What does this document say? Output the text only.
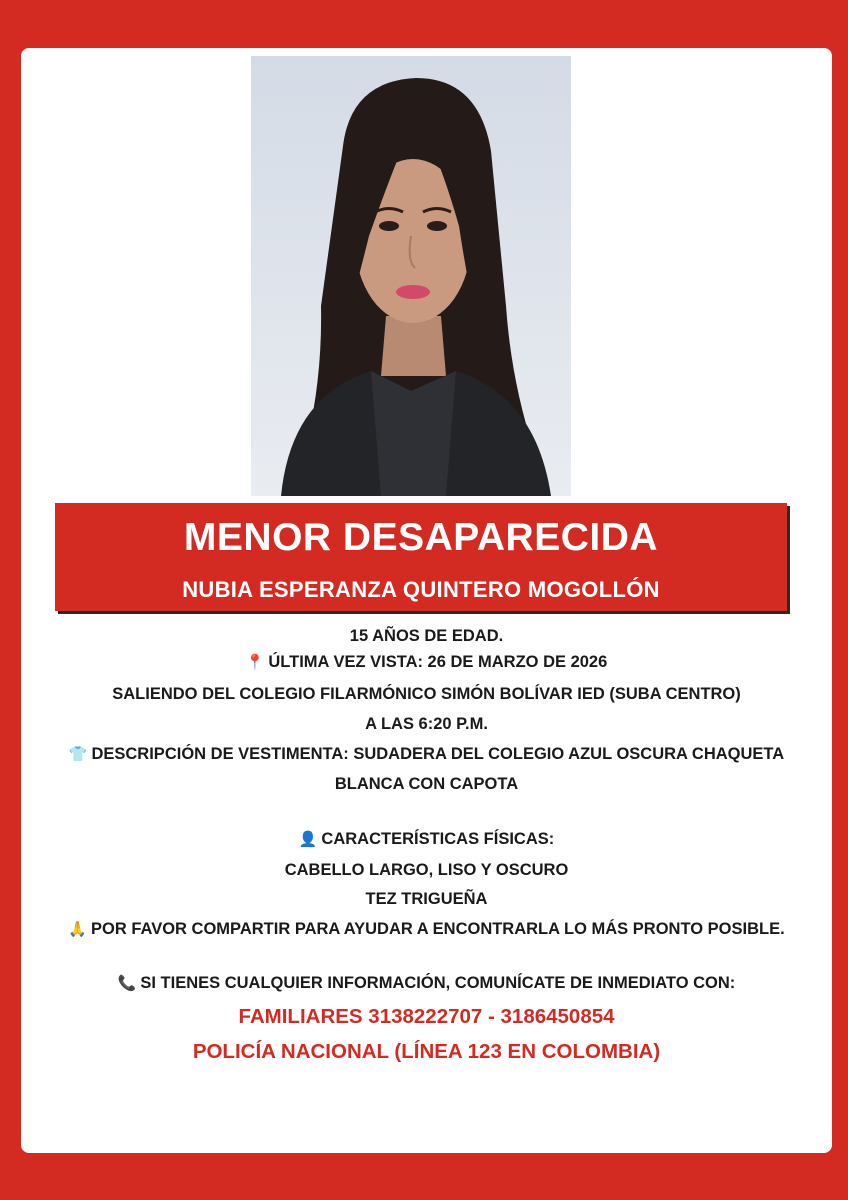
MENOR DESAPARECIDA
NUBIA ESPERANZA QUINTERO MOGOLLÓN
15 AÑOS DE EDAD.
📍 ÚLTIMA VEZ VISTA: 26 DE MARZO DE 2026
SALIENDO DEL COLEGIO FILARMÓNICO SIMÓN BOLÍVAR IED (SUBA CENTRO)
A LAS 6:20 P.M.
👕 DESCRIPCIÓN DE VESTIMENTA: SUDADERA DEL COLEGIO AZUL OSCURA CHAQUETA
BLANCA CON CAPOTA
👤 CARACTERÍSTICAS FÍSICAS:
CABELLO LARGO, LISO Y OSCURO
TEZ TRIGUEÑA
🙏 POR FAVOR COMPARTIR PARA AYUDAR A ENCONTRARLA LO MÁS PRONTO POSIBLE.
📞 SI TIENES CUALQUIER INFORMACIÓN, COMUNÍCATE DE INMEDIATO CON:
FAMILIARES 3138222707 - 3186450854
POLICÍA NACIONAL (LÍNEA 123 EN COLOMBIA)
